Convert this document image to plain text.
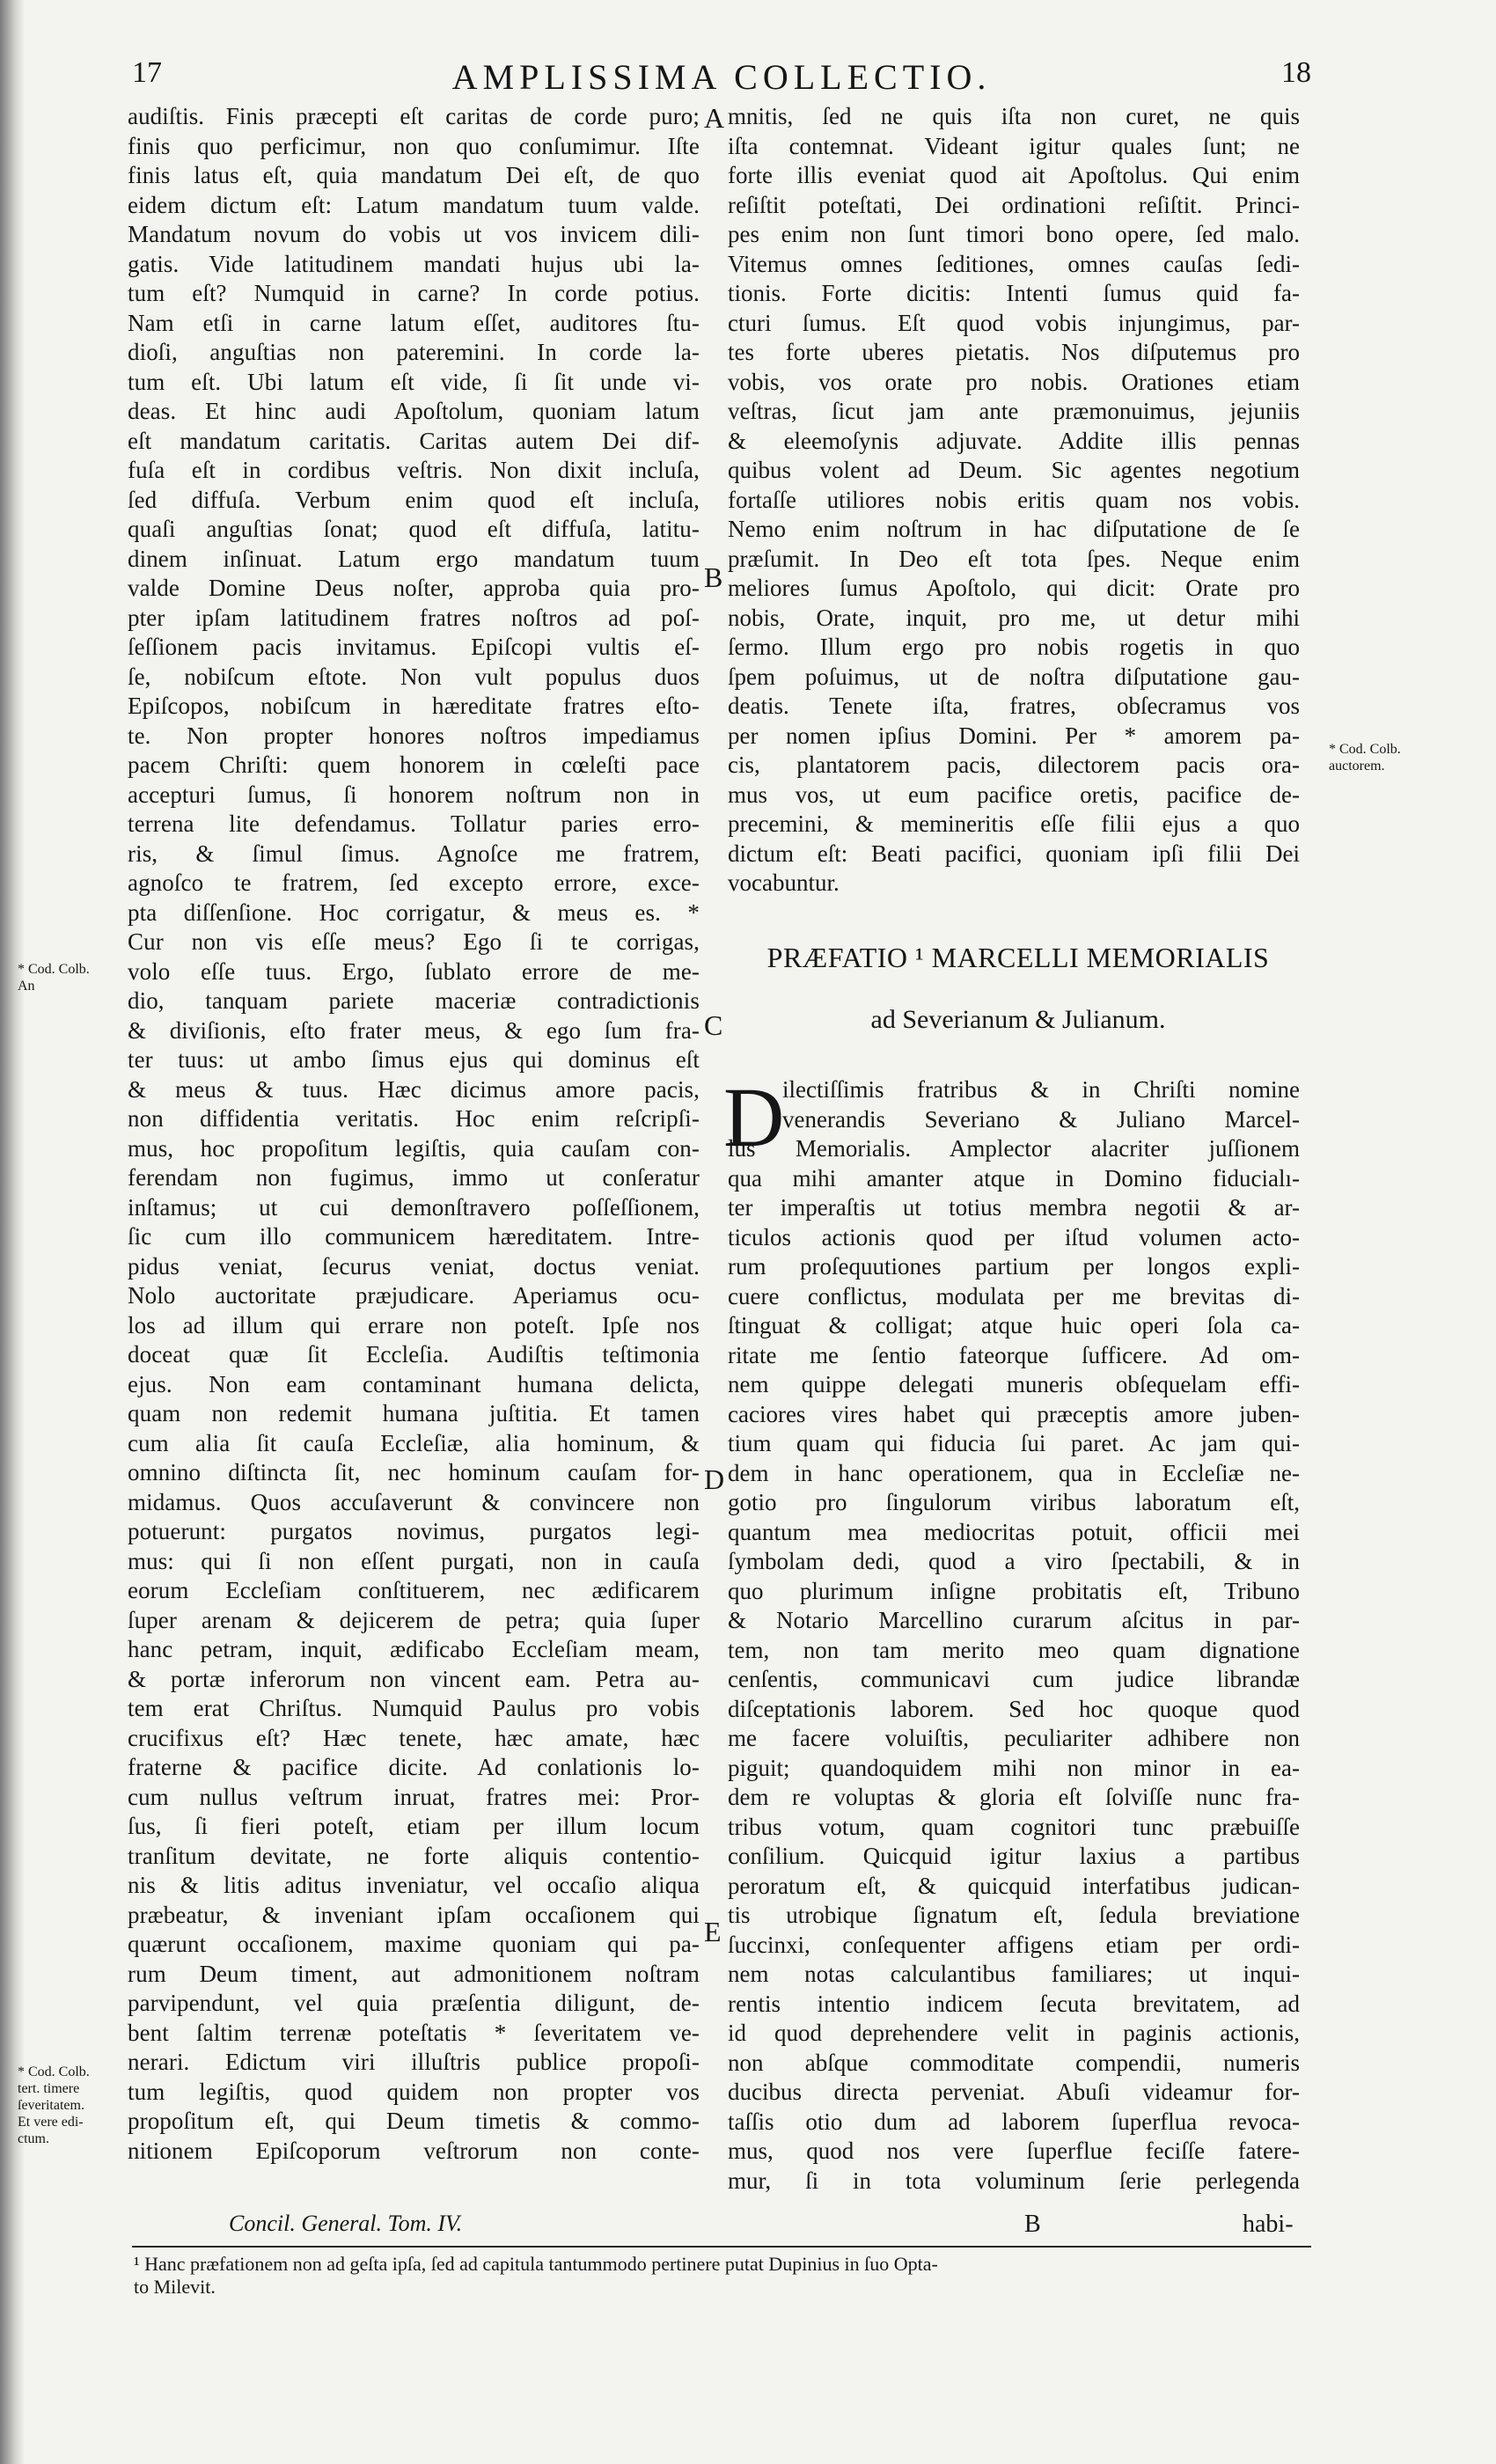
17	AMPLISSIMA COLLECTIO.	18
audiſtis. Finis præcepti eſt caritas de corde puro;
finis quo perficimur, non quo conſumimur. Iſte
finis latus eſt, quia mandatum Dei eſt, de quo
eidem dictum eſt: Latum mandatum tuum valde.
Mandatum novum do vobis ut vos invicem dili-
gatis. Vide latitudinem mandati hujus ubi la-
tum eſt? Numquid in carne? In corde potius.
Nam etſi in carne latum eſſet, auditores ſtu-
dioſi, anguſtias non pateremini. In corde la-
tum eſt. Ubi latum eſt vide, ſi ſit unde vi-
deas. Et hinc audi Apoſtolum, quoniam latum
eſt mandatum caritatis. Caritas autem Dei dif-
fuſa eſt in cordibus veſtris. Non dixit incluſa,
ſed diffuſa. Verbum enim quod eſt incluſa,
quaſi anguſtias ſonat; quod eſt diffuſa, latitu-
dinem inſinuat. Latum ergo mandatum tuum
valde Domine Deus noſter, approba quia pro-
pter ipſam latitudinem fratres noſtros ad poſ-
ſeſſionem pacis invitamus. Epiſcopi vultis eſ-
ſe, nobiſcum eſtote. Non vult populus duos
Epiſcopos, nobiſcum in hæreditate fratres eſto-
te. Non propter honores noſtros impediamus
pacem Chriſti: quem honorem in cœleſti pace
accepturi ſumus, ſi honorem noſtrum non in
terrena lite defendamus. Tollatur paries erro-
ris, & ſimul ſimus. Agnoſce me fratrem,
agnoſco te fratrem, ſed excepto errore, exce-
pta diſſenſione. Hoc corrigatur, & meus es. *
Cur non vis eſſe meus? Ego ſi te corrigas,
volo eſſe tuus. Ergo, ſublato errore de me-
dio, tanquam pariete maceriæ contradictionis
& diviſionis, eſto frater meus, & ego ſum fra-
ter tuus: ut ambo ſimus ejus qui dominus eſt
& meus & tuus. Hæc dicimus amore pacis,
non diffidentia veritatis. Hoc enim reſcripſi-
mus, hoc propoſitum legiſtis, quia cauſam con-
ferendam non fugimus, immo ut conſeratur
inſtamus; ut cui demonſtravero poſſeſſionem,
ſic cum illo communicem hæreditatem. Intre-
pidus veniat, ſecurus veniat, doctus veniat.
Nolo auctoritate præjudicare. Aperiamus ocu-
los ad illum qui errare non poteſt. Ipſe nos
doceat quæ ſit Eccleſia. Audiſtis teſtimonia
ejus. Non eam contaminant humana delicta,
quam non redemit humana juſtitia. Et tamen
cum alia ſit cauſa Eccleſiæ, alia hominum, &
omnino diſtincta ſit, nec hominum cauſam for-
midamus. Quos accuſaverunt & convincere non
potuerunt: purgatos novimus, purgatos legi-
mus: qui ſi non eſſent purgati, non in cauſa
eorum Eccleſiam conſtituerem, nec ædificarem
ſuper arenam & dejicerem de petra; quia ſuper
hanc petram, inquit, ædificabo Eccleſiam meam,
& portæ inferorum non vincent eam. Petra au-
tem erat Chriſtus. Numquid Paulus pro vobis
crucifixus eſt? Hæc tenete, hæc amate, hæc
fraterne & pacifice dicite. Ad conlationis lo-
cum nullus veſtrum inruat, fratres mei: Pror-
ſus, ſi fieri poteſt, etiam per illum locum
tranſitum devitate, ne forte aliquis contentio-
nis & litis aditus inveniatur, vel occaſio aliqua
præbeatur, & inveniant ipſam occaſionem qui
quærunt occaſionem, maxime quoniam qui pa-
rum Deum timent, aut admonitionem noſtram
parvipendunt, vel quia præſentia diligunt, de-
bent ſaltim terrenæ poteſtatis * ſeveritatem ve-
nerari. Edictum viri illuſtris publice propoſi-
tum legiſtis, quod quidem non propter vos
propoſitum eſt, qui Deum timetis & commo-
nitionem Epiſcoporum veſtrorum non conte-
mnitis, ſed ne quis iſta non curet, ne quis
iſta contemnat. Videant igitur quales ſunt; ne
forte illis eveniat quod ait Apoſtolus. Qui enim
reſiſtit poteſtati, Dei ordinationi reſiſtit. Princi-
pes enim non ſunt timori bono opere, ſed malo.
Vitemus omnes ſeditiones, omnes cauſas ſedi-
tionis. Forte dicitis: Intenti ſumus quid fa-
cturi ſumus. Eſt quod vobis injungimus, par-
tes forte uberes pietatis. Nos diſputemus pro
vobis, vos orate pro nobis. Orationes etiam
veſtras, ſicut jam ante præmonuimus, jejuniis
& eleemoſynis adjuvate. Addite illis pennas
quibus volent ad Deum. Sic agentes negotium
fortaſſe utiliores nobis eritis quam nos vobis.
Nemo enim noſtrum in hac diſputatione de ſe
præſumit. In Deo eſt tota ſpes. Neque enim
meliores ſumus Apoſtolo, qui dicit: Orate pro
nobis, Orate, inquit, pro me, ut detur mihi
ſermo. Illum ergo pro nobis rogetis in quo
ſpem poſuimus, ut de noſtra diſputatione gau-
deatis. Tenete iſta, fratres, obſecramus vos
per nomen ipſius Domini. Per * amorem pa-
cis, plantatorem pacis, dilectorem pacis ora-
mus vos, ut eum pacifice oretis, pacifice de-
precemini, & memineritis eſſe filii ejus a quo
dictum eſt: Beati pacifici, quoniam ipſi filii Dei
vocabuntur.
PRÆFATIO ¹ MARCELLI MEMORIALIS
ad Severianum & Julianum.
D
ilectiſſimis fratribus & in Chriſti nomine
venerandis Severiano & Juliano Marcel-
lus Memorialis. Amplector alacriter juſſionem
qua mihi amanter atque in Domino fiducialı-
ter imperaſtis ut totius membra negotii & ar-
ticulos actionis quod per iſtud volumen acto-
rum proſequutiones partium per longos expli-
cuere conflictus, modulata per me brevitas di-
ſtinguat & colligat; atque huic operi ſola ca-
ritate me ſentio fateorque ſufficere. Ad om-
nem quippe delegati muneris obſequelam effi-
caciores vires habet qui præceptis amore juben-
tium quam qui fiducia ſui paret. Ac jam qui-
dem in hanc operationem, qua in Eccleſiæ ne-
gotio pro ſingulorum viribus laboratum eſt,
quantum mea mediocritas potuit, officii mei
ſymbolam dedi, quod a viro ſpectabili, & in
quo plurimum inſigne probitatis eſt, Tribuno
& Notario Marcellino curarum aſcitus in par-
tem, non tam merito meo quam dignatione
cenſentis, communicavi cum judice librandæ
diſceptationis laborem. Sed hoc quoque quod
me facere voluiſtis, peculiariter adhibere non
piguit; quandoquidem mihi non minor in ea-
dem re voluptas & gloria eſt ſolviſſe nunc fra-
tribus votum, quam cognitori tunc præbuiſſe
conſilium. Quicquid igitur laxius a partibus
peroratum eſt, & quicquid interfatibus judican-
tis utrobique ſignatum eſt, ſedula breviatione
ſuccinxi, conſequenter affigens etiam per ordi-
nem notas calculantibus familiares; ut inqui-
rentis intentio indicem ſecuta brevitatem, ad
id quod deprehendere velit in paginis actionis,
non abſque commoditate compendii, numeris
ducibus directa perveniat. Abuſi videamur for-
taſſis otio dum ad laborem ſuperflua revoca-
mus, quod nos vere ſuperflue feciſſe fatere-
mur, ſi in tota voluminum ſerie perlegenda
A
B
C
D
E
* Cod. Colb.
An
* Cod. Colb.
tert. timere
ſeveritatem.
Et vere edi-
ctum.
* Cod. Colb.
auctorem.
Concil. General. Tom. IV.	B	habi-
¹ Hanc præfationem non ad geſta ipſa, ſed ad capitula tantummodo pertinere putat Dupinius in ſuo Opta-
to Milevit.
